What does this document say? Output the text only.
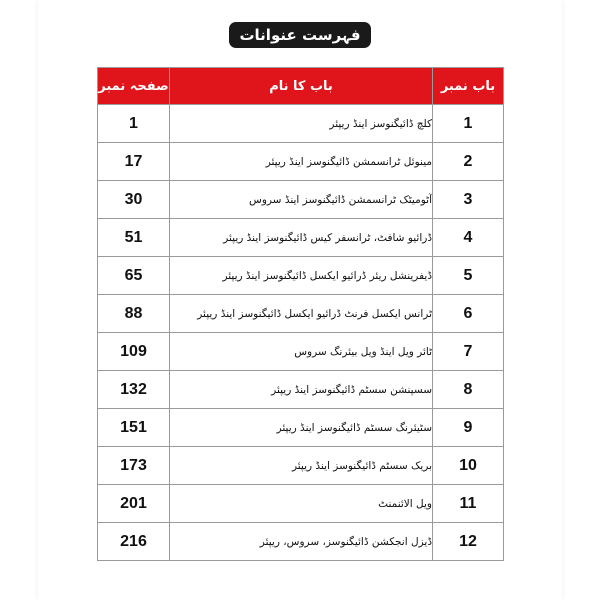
فہرست عنوانات
صفحہ نمبر	باب کا نام	باب نمبر
1	کلچ ڈائیگنوسز اینڈ ریپئر	1
17	مینوئل ٹرانسمشن ڈائیگنوسز اینڈ ریپئر	2
30	آٹومیٹک ٹرانسمشن ڈائیگنوسز اینڈ سروس	3
51	ڈرائیو شافٹ، ٹرانسفر کیس ڈائیگنوسز اینڈ ریپئر	4
65	ڈیفرینشل ریئر ڈرائیو ایکسل ڈائیگنوسز اینڈ ریپئر	5
88	ٹرانس ایکسل فرنٹ ڈرائیو ایکسل ڈائیگنوسز اینڈ ریپئر	6
109	ٹائر ویل اینڈ ویل بیئرنگ سروس	7
132	سسپنشن سسٹم ڈائیگنوسز اینڈ ریپئر	8
151	سٹیئرنگ سسٹم ڈائیگنوسز اینڈ ریپئر	9
173	بریک سسٹم ڈائیگنوسز اینڈ ریپئر	10
201	ویل الائنمنٹ	11
216	ڈیزل انجکشن ڈائیگنوسز، سروس، ریپئر	12
